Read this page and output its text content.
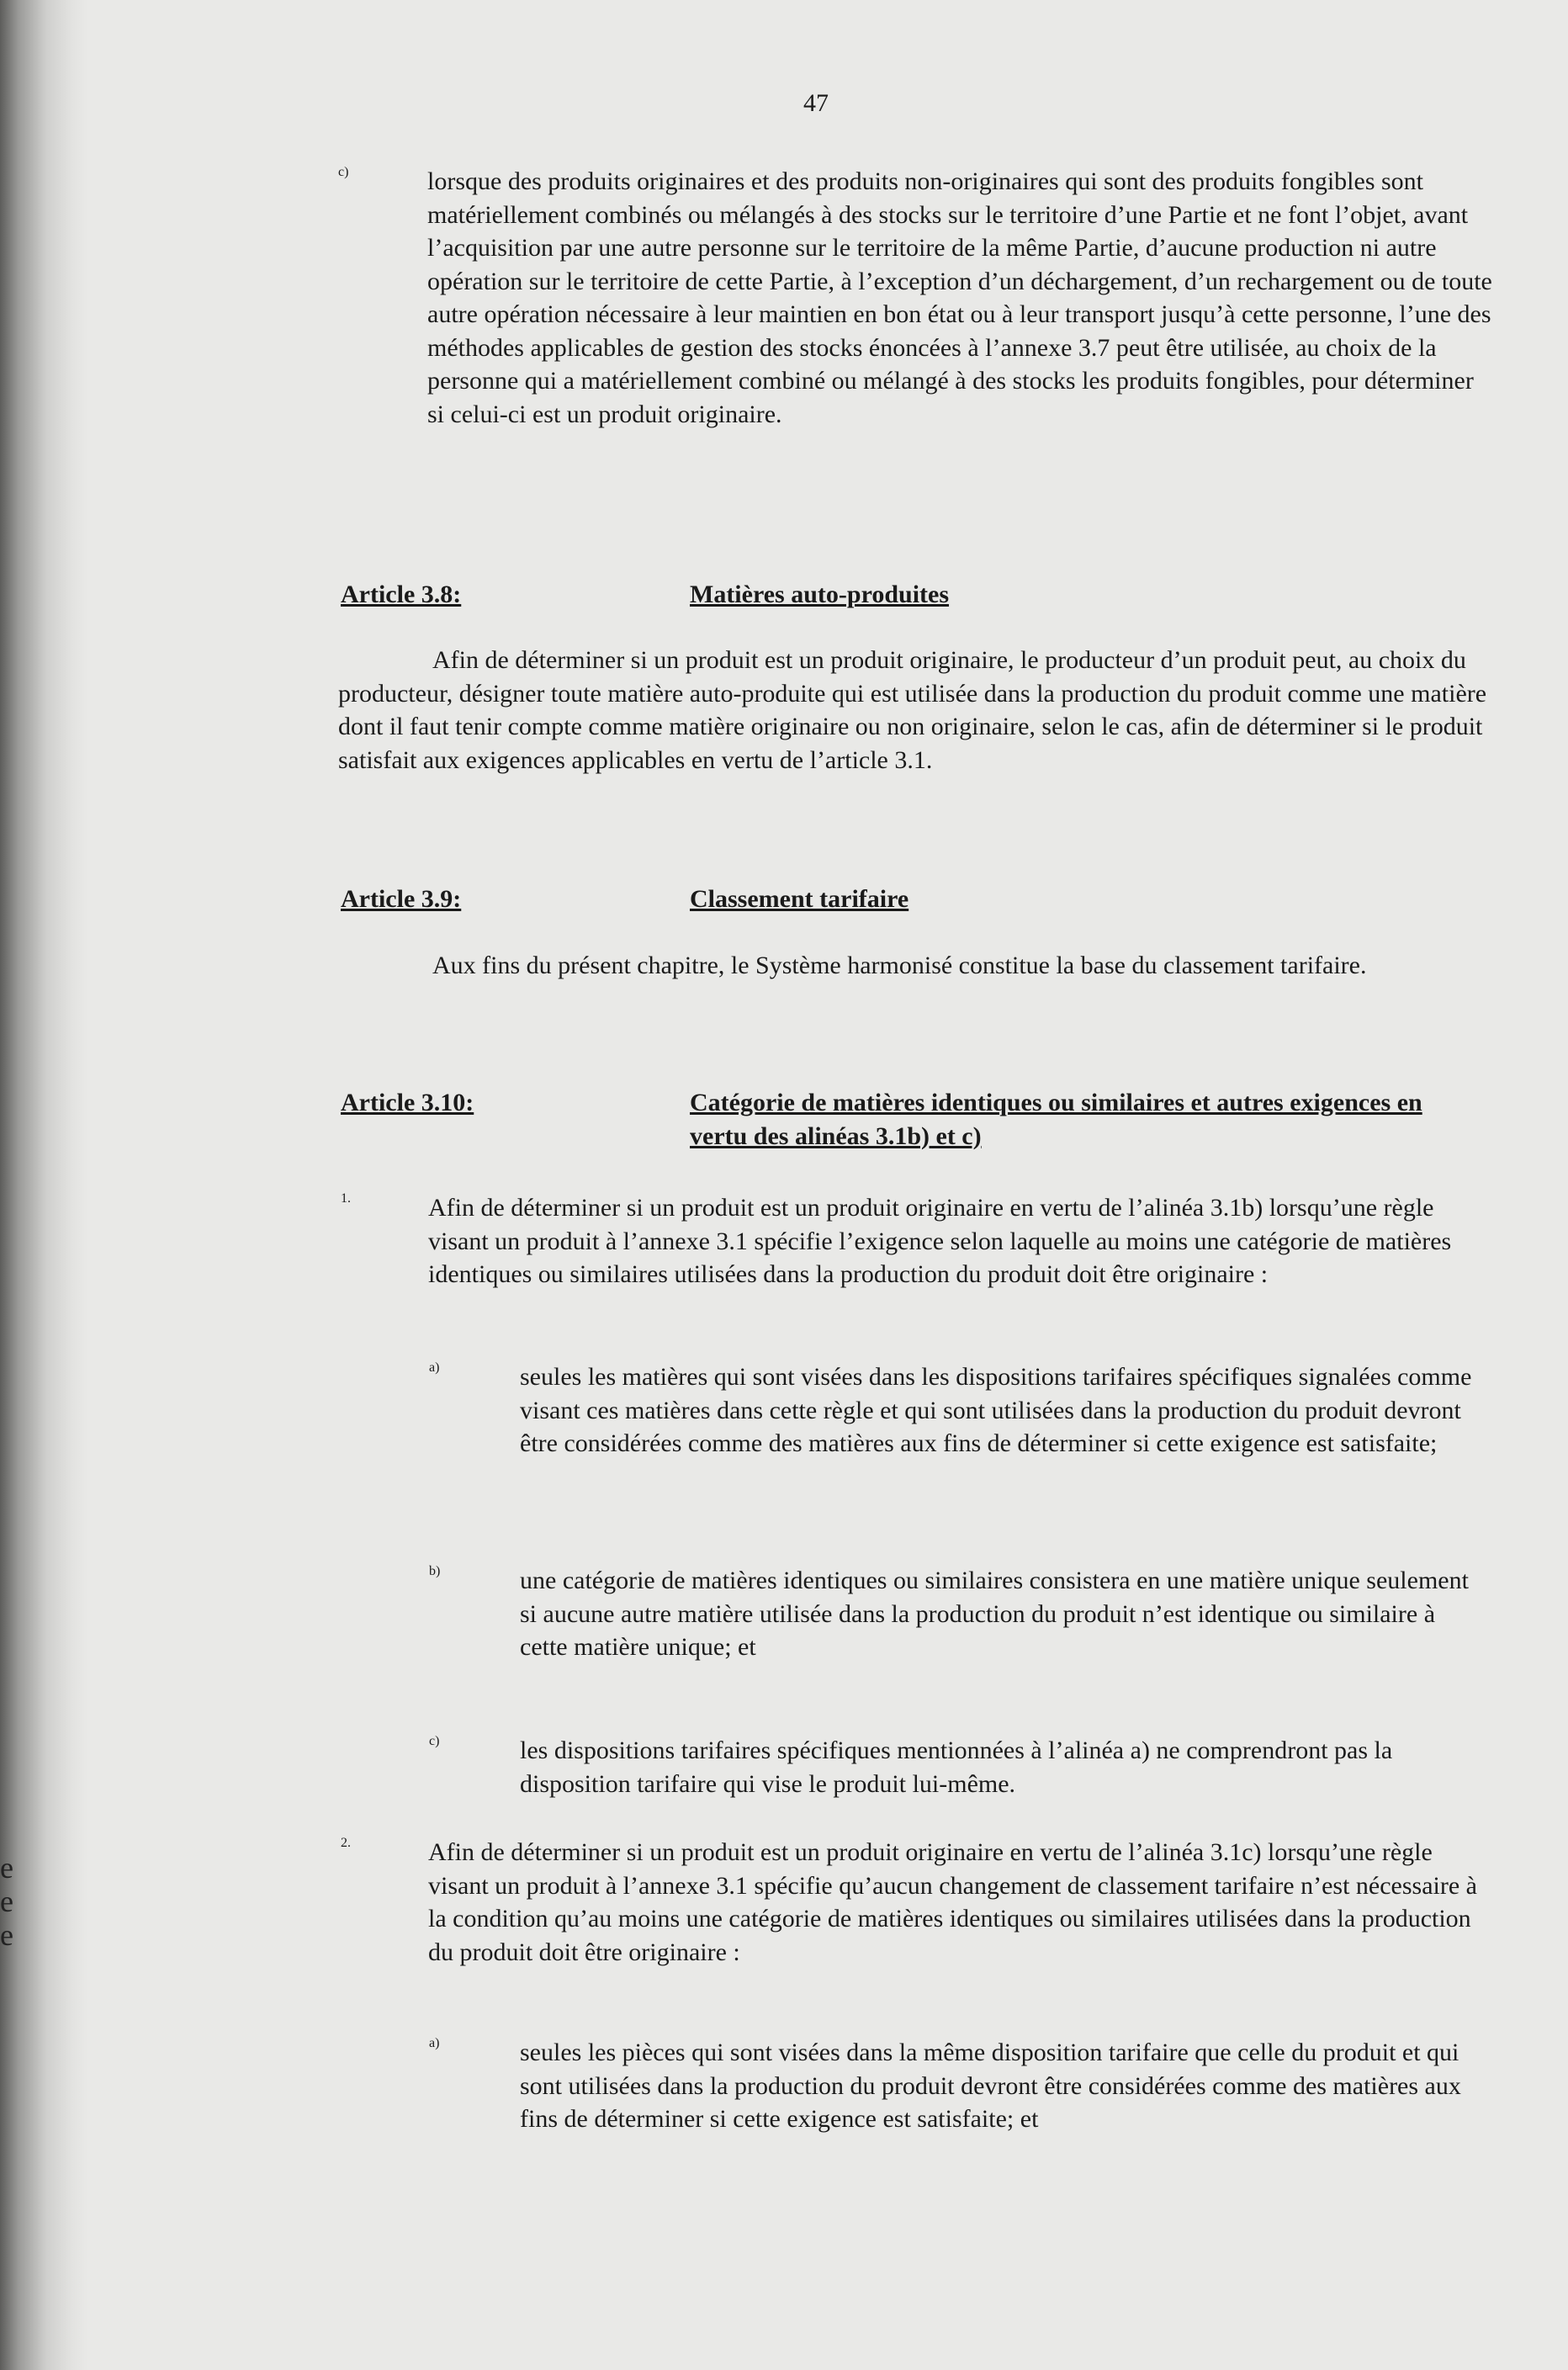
e
e
e
47
c)	lorsque des produits originaires et des produits non-originaires qui sont des produits fongibles sont matériellement combinés ou mélangés à des stocks sur le territoire d’une Partie et ne font l’objet, avant l’acquisition par une autre personne sur le territoire de la même Partie, d’aucune production ni autre opération sur le territoire de cette Partie, à l’exception d’un déchargement, d’un rechargement ou de toute autre opération nécessaire à leur maintien en bon état ou à leur transport jusqu’à cette personne, l’une des méthodes applicables de gestion des stocks énoncées à l’annexe 3.7 peut être utilisée, au choix de la personne qui a matériellement combiné ou mélangé à des stocks les produits fongibles, pour déterminer si celui-ci est un produit originaire.

Article 3.8:	Matières auto-produites

Afin de déterminer si un produit est un produit originaire, le producteur d’un produit peut, au choix du producteur, désigner toute matière auto-produite qui est utilisée dans la production du produit comme une matière dont il faut tenir compte comme matière originaire ou non originaire, selon le cas, afin de déterminer si le produit satisfait aux exigences applicables en vertu de l’article 3.1.

Article 3.9:	Classement tarifaire

Aux fins du présent chapitre, le Système harmonisé constitue la base du classement tarifaire.

Article 3.10:	Catégorie de matières identiques ou similaires et autres exigences en vertu des alinéas 3.1b) et c)
1.	Afin de déterminer si un produit est un produit originaire en vertu de l’alinéa 3.1b) lorsqu’une règle visant un produit à l’annexe 3.1 spécifie l’exigence selon laquelle au moins une catégorie de matières identiques ou similaires utilisées dans la production du produit doit être originaire :

a)	seules les matières qui sont visées dans les dispositions tarifaires spécifiques signalées comme visant ces matières dans cette règle et qui sont utilisées dans la production du produit devront être considérées comme des matières aux fins de déterminer si cette exigence est satisfaite;

b)	une catégorie de matières identiques ou similaires consistera en une matière unique seulement si aucune autre matière utilisée dans la production du produit n’est identique ou similaire à cette matière unique; et

c)	les dispositions tarifaires spécifiques mentionnées à l’alinéa a) ne comprendront pas la disposition tarifaire qui vise le produit lui-même.

2.	Afin de déterminer si un produit est un produit originaire en vertu de l’alinéa 3.1c) lorsqu’une règle visant un produit à l’annexe 3.1 spécifie qu’aucun changement de classement tarifaire n’est nécessaire à la condition qu’au moins une catégorie de matières identiques ou similaires utilisées dans la production du produit doit être originaire :

a)	seules les pièces qui sont visées dans la même disposition tarifaire que celle du produit et qui sont utilisées dans la production du produit devront être considérées comme des matières aux fins de déterminer si cette exigence est satisfaite; et
